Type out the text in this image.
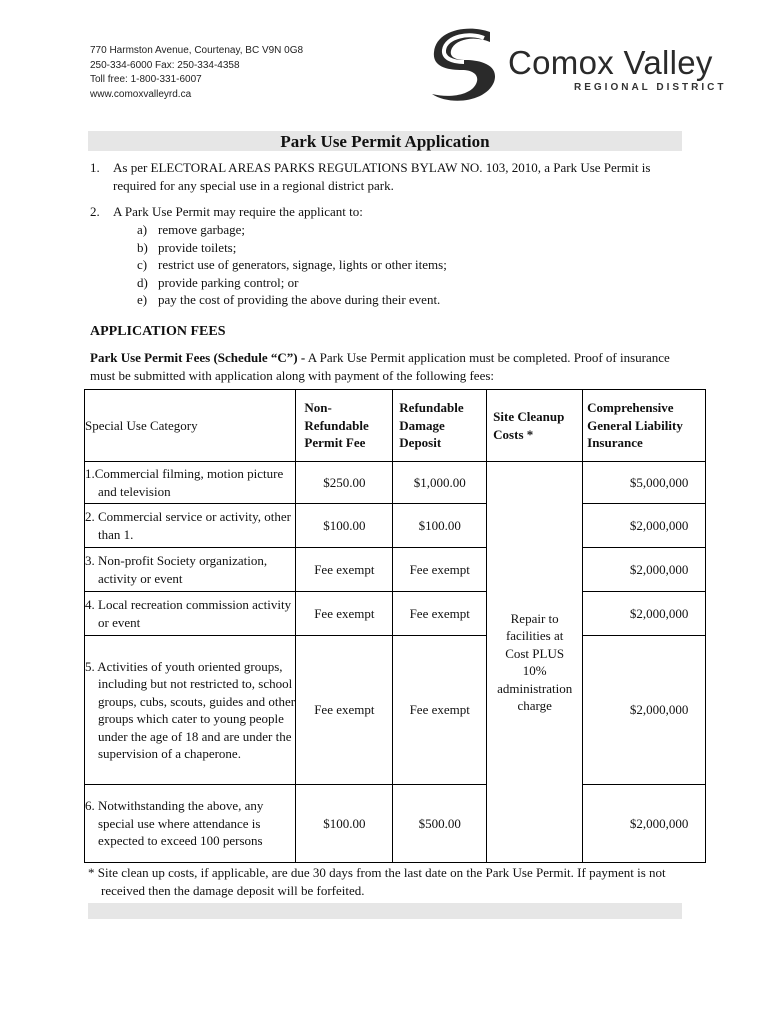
770 Harmston Avenue, Courtenay, BC V9N 0G8
250-334-6000 Fax: 250-334-4358
Toll free: 1-800-331-6007
www.comoxvalleyrd.ca
Comox Valley
REGIONAL DISTRICT
Park Use Permit Application
1.	As per ELECTORAL AREAS PARKS REGULATIONS BYLAW NO. 103, 2010, a Park Use Permit is required for any special use in a regional district park.
2.	A Park Use Permit may require the applicant to:
a) remove garbage;
b) provide toilets;
c) restrict use of generators, signage, lights or other items;
d) provide parking control; or
e) pay the cost of providing the above during their event.
APPLICATION FEES
Park Use Permit Fees (Schedule “C”) - A Park Use Permit application must be completed. Proof of insurance must be submitted with application along with payment of the following fees:
Special Use Category	Non-Refundable Permit Fee	Refundable Damage Deposit	Site Cleanup Costs *	Comprehensive General Liability Insurance

1.Commercial filming, motion picture and television	$250.00	$1,000.00	Repair to facilities at Cost PLUS 10% administration charge	$5,000,000

2. Commercial service or activity, other than 1.	$100.00	$100.00		$2,000,000

3. Non-profit Society organization, activity or event	Fee exempt	Fee exempt		$2,000,000

4. Local recreation commission activity or event	Fee exempt	Fee exempt		$2,000,000

5. Activities of youth oriented groups, including but not restricted to, school groups, cubs, scouts, guides and other groups which cater to young people under the age of 18 and are under the supervision of a chaperone.	Fee exempt	Fee exempt		$2,000,000

6. Notwithstanding the above, any special use where attendance is expected to exceed 100 persons	$100.00	$500.00		$2,000,000
* Site clean up costs, if applicable, are due 30 days from the last date on the Park Use Permit. If payment is not received then the damage deposit will be forfeited.
